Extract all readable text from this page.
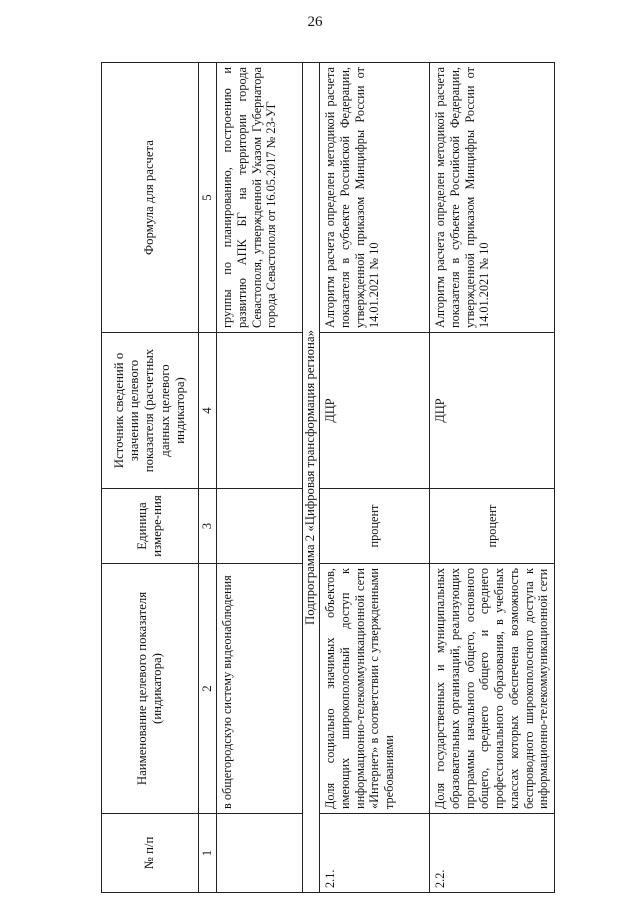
26
№ п/п	Наименование целевого показателя (индикатора)	Единица измере-ния	Источник сведений о значении целевого показателя (расчетных данных целевого индикатора)	Формула для расчета
1	2	3	4	5
	в общегородскую систему видеонаблюдения			группы по планированию, построению и развитию АПК БГ на территории города Севастополя, утвержденной Указом Губернатора города Севастополя от 16.05.2017 № 23-УГ
Подпрограмма 2 «Цифровая трансформация региона»				
2.1.	Доля социально значимых объектов, имеющих широкополосный доступ к информационно-телекоммуникационной сети «Интернет» в соответствии с утвержденными требованиями	процент	ДЦР	Алгоритм расчета определен методикой расчета показателя в субъекте Российской Федерации, утвержденной приказом Минцифры России от 14.01.2021 № 10
2.2.	Доля государственных и муниципальных образовательных организаций, реализующих программы начального общего, основного общего, среднего общего и среднего профессионального образования, в учебных классах которых обеспечена возможность беспроводного широкополосного доступа к информационно-телекоммуникационной сети	процент	ДЦР	Алгоритм расчета определен методикой расчета показателя в субъекте Российской Федерации, утвержденной приказом Минцифры России от 14.01.2021 № 10
